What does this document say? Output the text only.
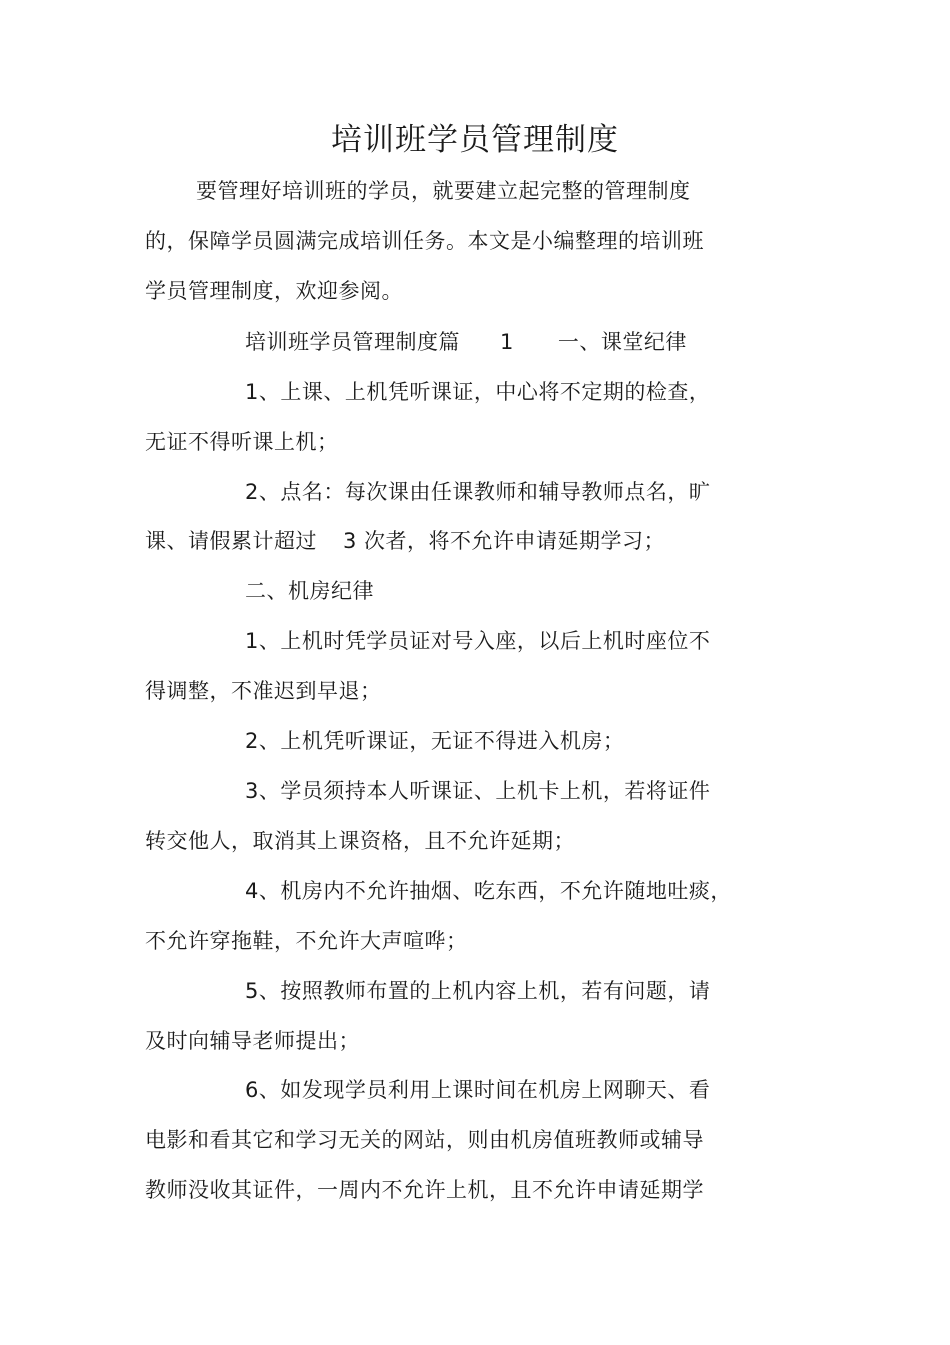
培训班学员管理制度
要管理好培训班的学员，就要建立起完整的管理制度
的，保障学员圆满完成培训任务。本文是小编整理的培训班
学员管理制度，欢迎参阅。
培训班学员管理制度篇 1 一、课堂纪律
1、上课、上机凭听课证，中心将不定期的检查，
无证不得听课上机；
2、点名：每次课由任课教师和辅导教师点名，旷
课、请假累计超过 3 次者，将不允许申请延期学习；
二、机房纪律
1、上机时凭学员证对号入座，以后上机时座位不
得调整，不准迟到早退；
2、上机凭听课证，无证不得进入机房；
3、学员须持本人听课证、上机卡上机，若将证件
转交他人，取消其上课资格，且不允许延期；
4、机房内不允许抽烟、吃东西，不允许随地吐痰，
不允许穿拖鞋，不允许大声喧哗；
5、按照教师布置的上机内容上机，若有问题，请
及时向辅导老师提出；
6、如发现学员利用上课时间在机房上网聊天、看
电影和看其它和学习无关的网站，则由机房值班教师或辅导
教师没收其证件，一周内不允许上机，且不允许申请延期学
